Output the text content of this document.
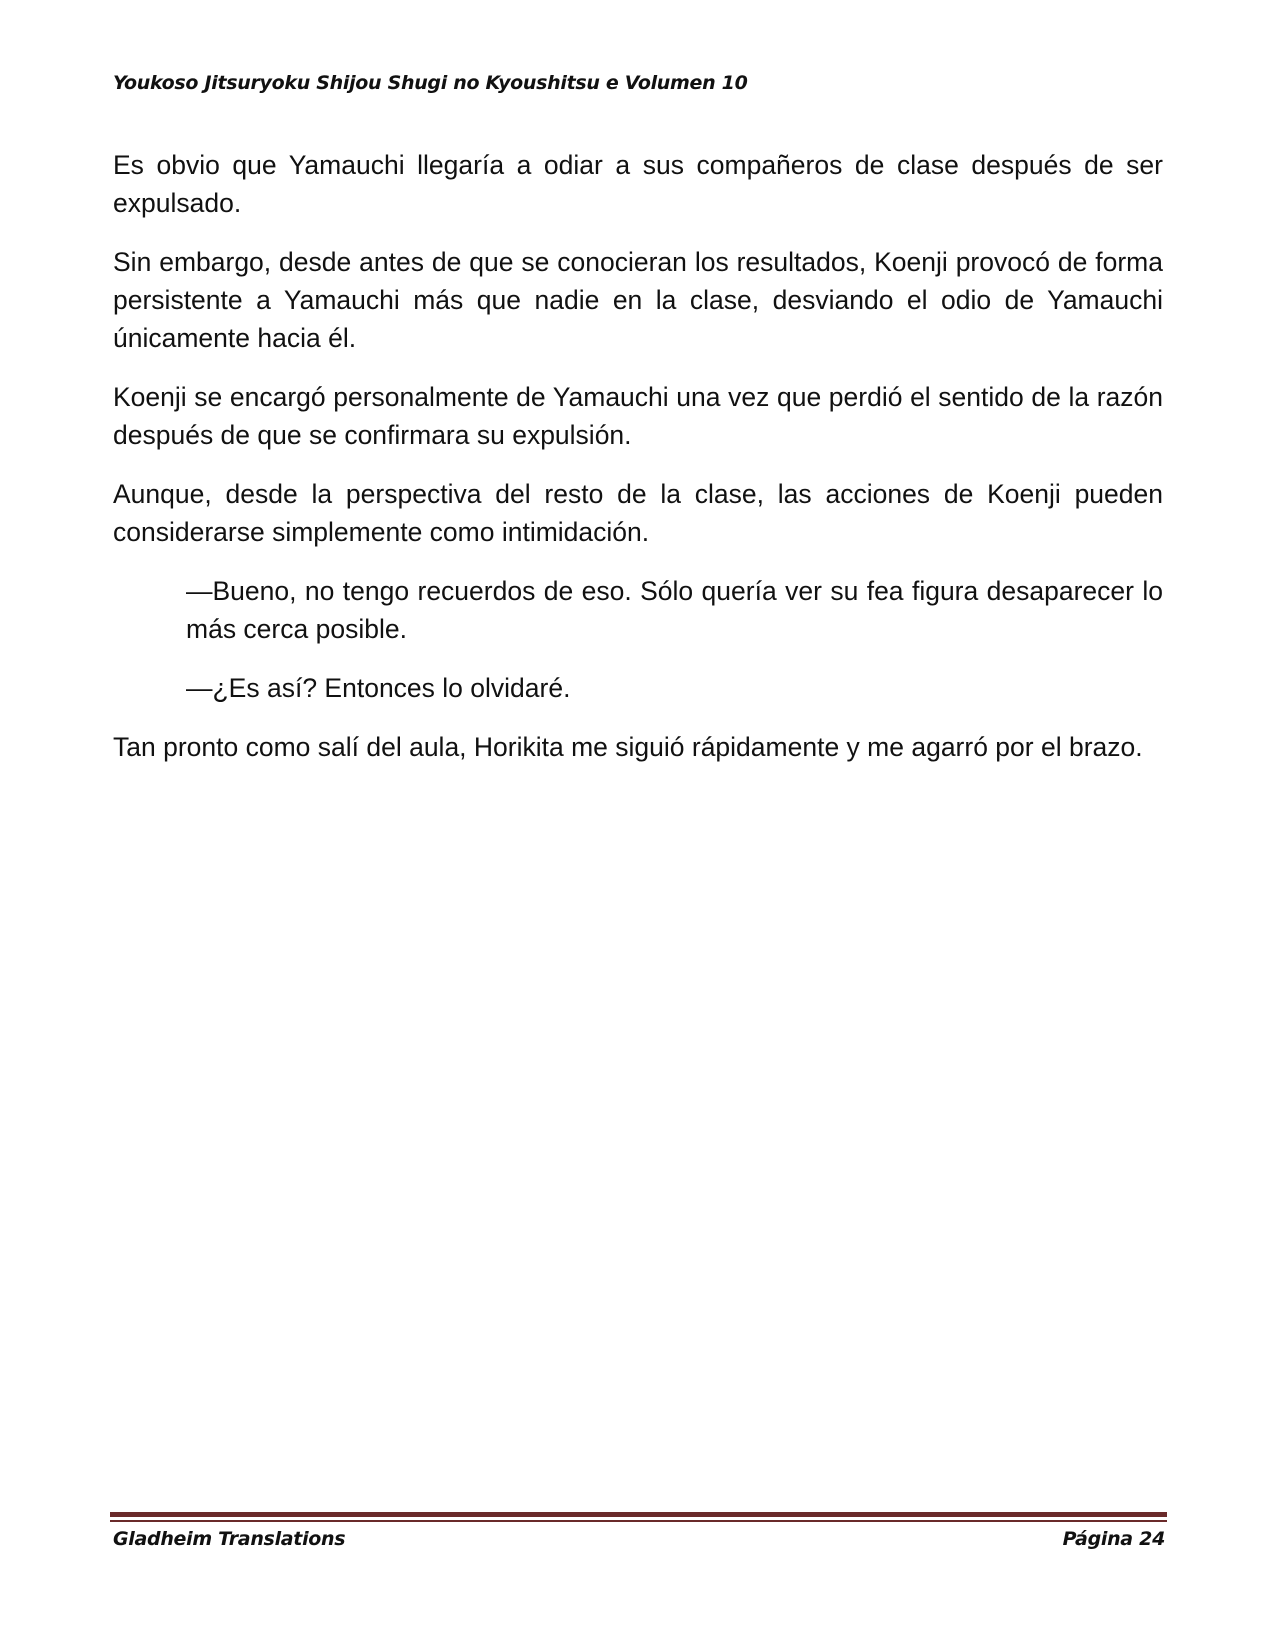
Youkoso Jitsuryoku Shijou Shugi no Kyoushitsu e Volumen 10

Es obvio que Yamauchi llegaría a odiar a sus compañeros de clase después de ser expulsado.

Sin embargo, desde antes de que se conocieran los resultados, Koenji provocó de forma persistente a Yamauchi más que nadie en la clase, desviando el odio de Yamauchi únicamente hacia él.

Koenji se encargó personalmente de Yamauchi una vez que perdió el sentido de la razón después de que se confirmara su expulsión.

Aunque, desde la perspectiva del resto de la clase, las acciones de Koenji pueden considerarse simplemente como intimidación.

—Bueno, no tengo recuerdos de eso. Sólo quería ver su fea figura desaparecer lo más cerca posible.

—¿Es así? Entonces lo olvidaré.

Tan pronto como salí del aula, Horikita me siguió rápidamente y me agarró por el brazo.

Gladheim Translations	Página 24
